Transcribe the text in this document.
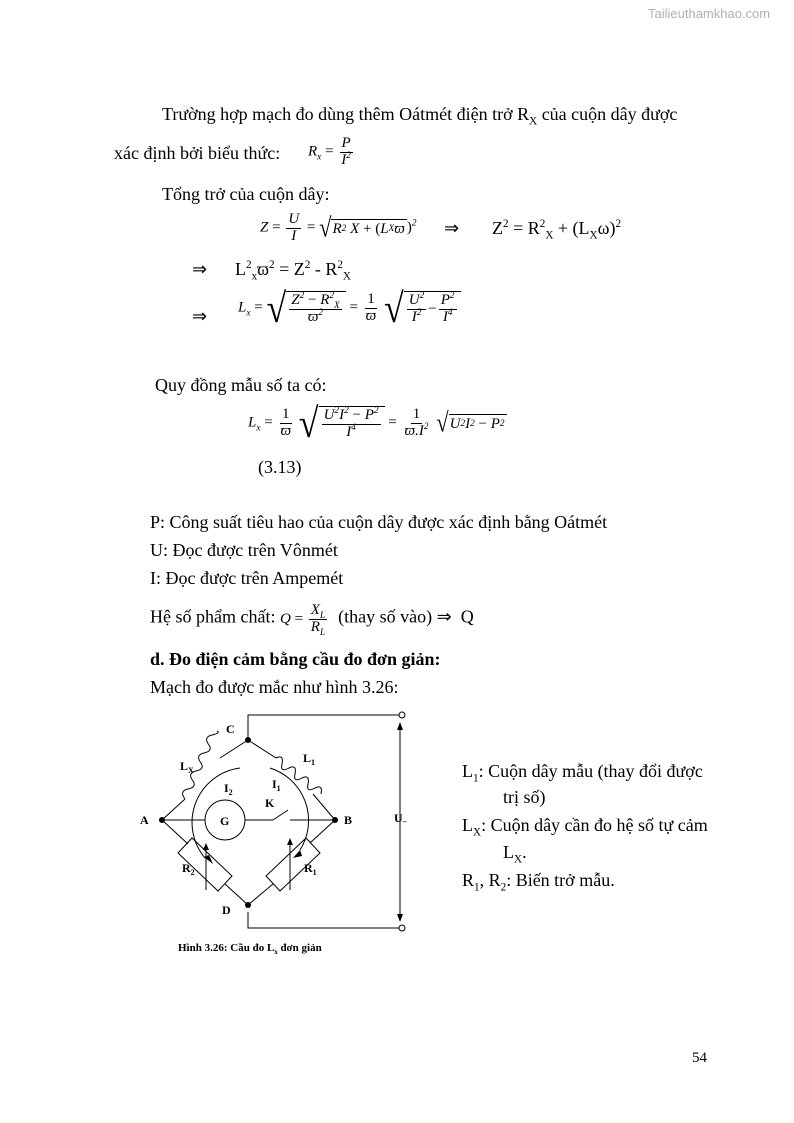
Tailieuthamkhao.com
Trường hợp mạch đo dùng thêm Oátmét điện trở $R_X$ của cuộn dây được
xác định bởi biểu thức: $R_x = \frac{P}{I^2}$
Tổng trở của cuộn dây:
$Z = \frac{U}{I}$ = √ R 2
X
+
( L X ϖ )$^2$ ⇒ $Z^2 = R^2_X + (L_X\omega)^2$
⇒ $L^2_xϖ^2 = Z^2 - R^2_X$
⇒ $L_x$ = √ $\frac{Z^2 - R^2_X}{ϖ^2} = \frac{1}{ϖ}$
√ $\frac{U^2}{I^2} - \frac{P^2}{I^4}$
Quy đồng mẫu số ta có:
$L_x = \frac{1}{ϖ}$
√ $\frac{U^2I^2 - P^2}{I^4} = \frac{1}{ϖ.I^2}$
√ U 2 I 2
−
P 2
(3.13)
P: Công suất tiêu hao của cuộn dây được xác định bằng Oátmét
U: Đọc được trên Vônmét
I: Đọc được trên Ampemét
Hệ số phẩm chất: $Q = \frac{X_L}{R_L}$ (thay số vào) ⇒ Q
d. Đo điện cảm bằng cầu đo đơn giản:
Mạch đo được mắc như hình 3.26:
C
A	B
D
G
K
$L_X$
$L_1$
$I_1$
$I_2$
$R_2$	$R_1$
U–
Hình 3.26: Cầu đo $L_x$ đơn giản
$L_1$: Cuộn dây mẫu (thay đổi được
trị số)
$L_X$: Cuộn dây cần đo hệ số tự cảm
$L_X$.
$R_1$, $R_2$: Biến trở mẫu.
54
